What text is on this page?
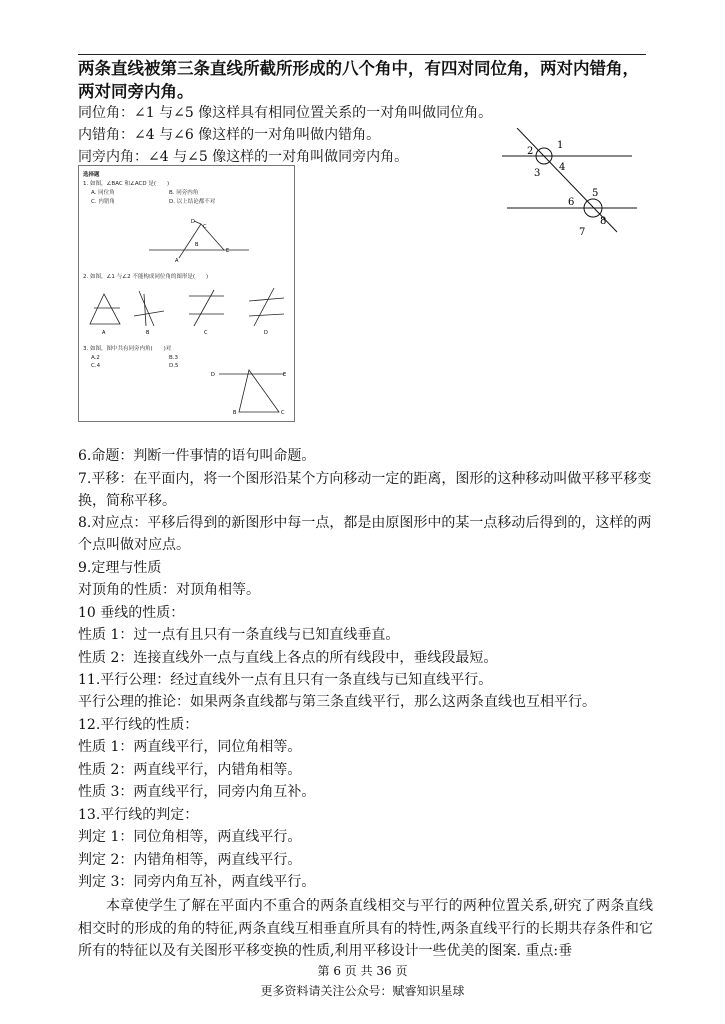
两条直线被第三条直线所截所形成的八个角中，有四对同位角，两对内错角，两对同旁内角。
同位角：∠1 与∠5 像这样具有相同位置关系的一对角叫做同位角。
内错角：∠4 与∠6 像这样的一对角叫做内错角。
同旁内角：∠4 与∠5 像这样的一对角叫做同旁内角。
1
2
3
4
5
6
7
8
选择题
1. 如图，∠BAC 和∠ACD 是(　　)
A. 同位角	B. 同旁内角
C. 内错角	D. 以上结论都不对
D
B
E
A
C
2. 如图，∠1 与∠2 不能构成同位角的图形是(　　)
A	B	C	D
3. 如图，图中共有同旁内角(　　)对
A.2	B.3
C.4	D.5
D	E
B	C
6.命题：判断一件事情的语句叫命题。
7.平移：在平面内，将一个图形沿某个方向移动一定的距离，图形的这种移动叫做平移平移变换，简称平移。
8.对应点：平移后得到的新图形中每一点，都是由原图形中的某一点移动后得到的，这样的两个点叫做对应点。
9.定理与性质
对顶角的性质：对顶角相等。
10 垂线的性质：
性质 1：过一点有且只有一条直线与已知直线垂直。
性质 2：连接直线外一点与直线上各点的所有线段中，垂线段最短。
11.平行公理：经过直线外一点有且只有一条直线与已知直线平行。
平行公理的推论：如果两条直线都与第三条直线平行，那么这两条直线也互相平行。
12.平行线的性质：
性质 1：两直线平行，同位角相等。
性质 2：两直线平行，内错角相等。
性质 3：两直线平行，同旁内角互补。
13.平行线的判定：
判定 1：同位角相等，两直线平行。
判定 2：内错角相等，两直线平行。
判定 3：同旁内角互补，两直线平行。
本章使学生了解在平面内不重合的两条直线相交与平行的两种位置关系,研究了两条直线相交时的形成的角的特征,两条直线互相垂直所具有的特性,两条直线平行的长期共存条件和它所有的特征以及有关图形平移变换的性质,利用平移设计一些优美的图案. 重点:垂
第 6 页 共 36 页
更多资料请关注公众号：赋睿知识星球
